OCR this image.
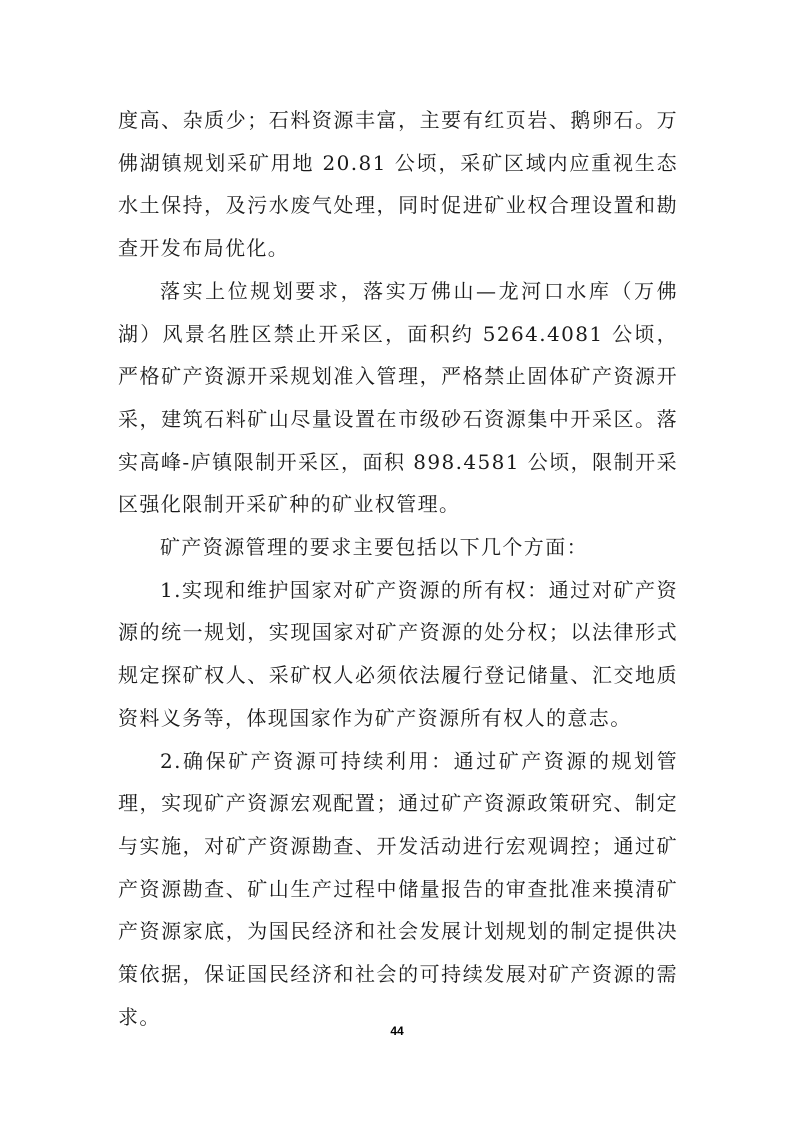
度高、杂质少；石料资源丰富，主要有红页岩、鹅卵石。万佛湖镇规划采矿用地 20.81 公顷，采矿区域内应重视生态水土保持，及污水废气处理，同时促进矿业权合理设置和勘查开发布局优化。

落实上位规划要求，落实万佛山—龙河口水库（万佛湖）风景名胜区禁止开采区，面积约 5264.4081 公顷，严格矿产资源开采规划准入管理，严格禁止固体矿产资源开采，建筑石料矿山尽量设置在市级砂石资源集中开采区。落实高峰-庐镇限制开采区，面积 898.4581 公顷，限制开采区强化限制开采矿种的矿业权管理。

矿产资源管理的要求主要包括以下几个方面：

1.实现和维护国家对矿产资源的所有权：通过对矿产资源的统一规划，实现国家对矿产资源的处分权；以法律形式规定探矿权人、采矿权人必须依法履行登记储量、汇交地质资料义务等，体现国家作为矿产资源所有权人的意志。

2.确保矿产资源可持续利用：通过矿产资源的规划管理，实现矿产资源宏观配置；通过矿产资源政策研究、制定与实施，对矿产资源勘查、开发活动进行宏观调控；通过矿产资源勘查、矿山生产过程中储量报告的审查批准来摸清矿产资源家底，为国民经济和社会发展计划规划的制定提供决策依据，保证国民经济和社会的可持续发展对矿产资源的需求。

44
